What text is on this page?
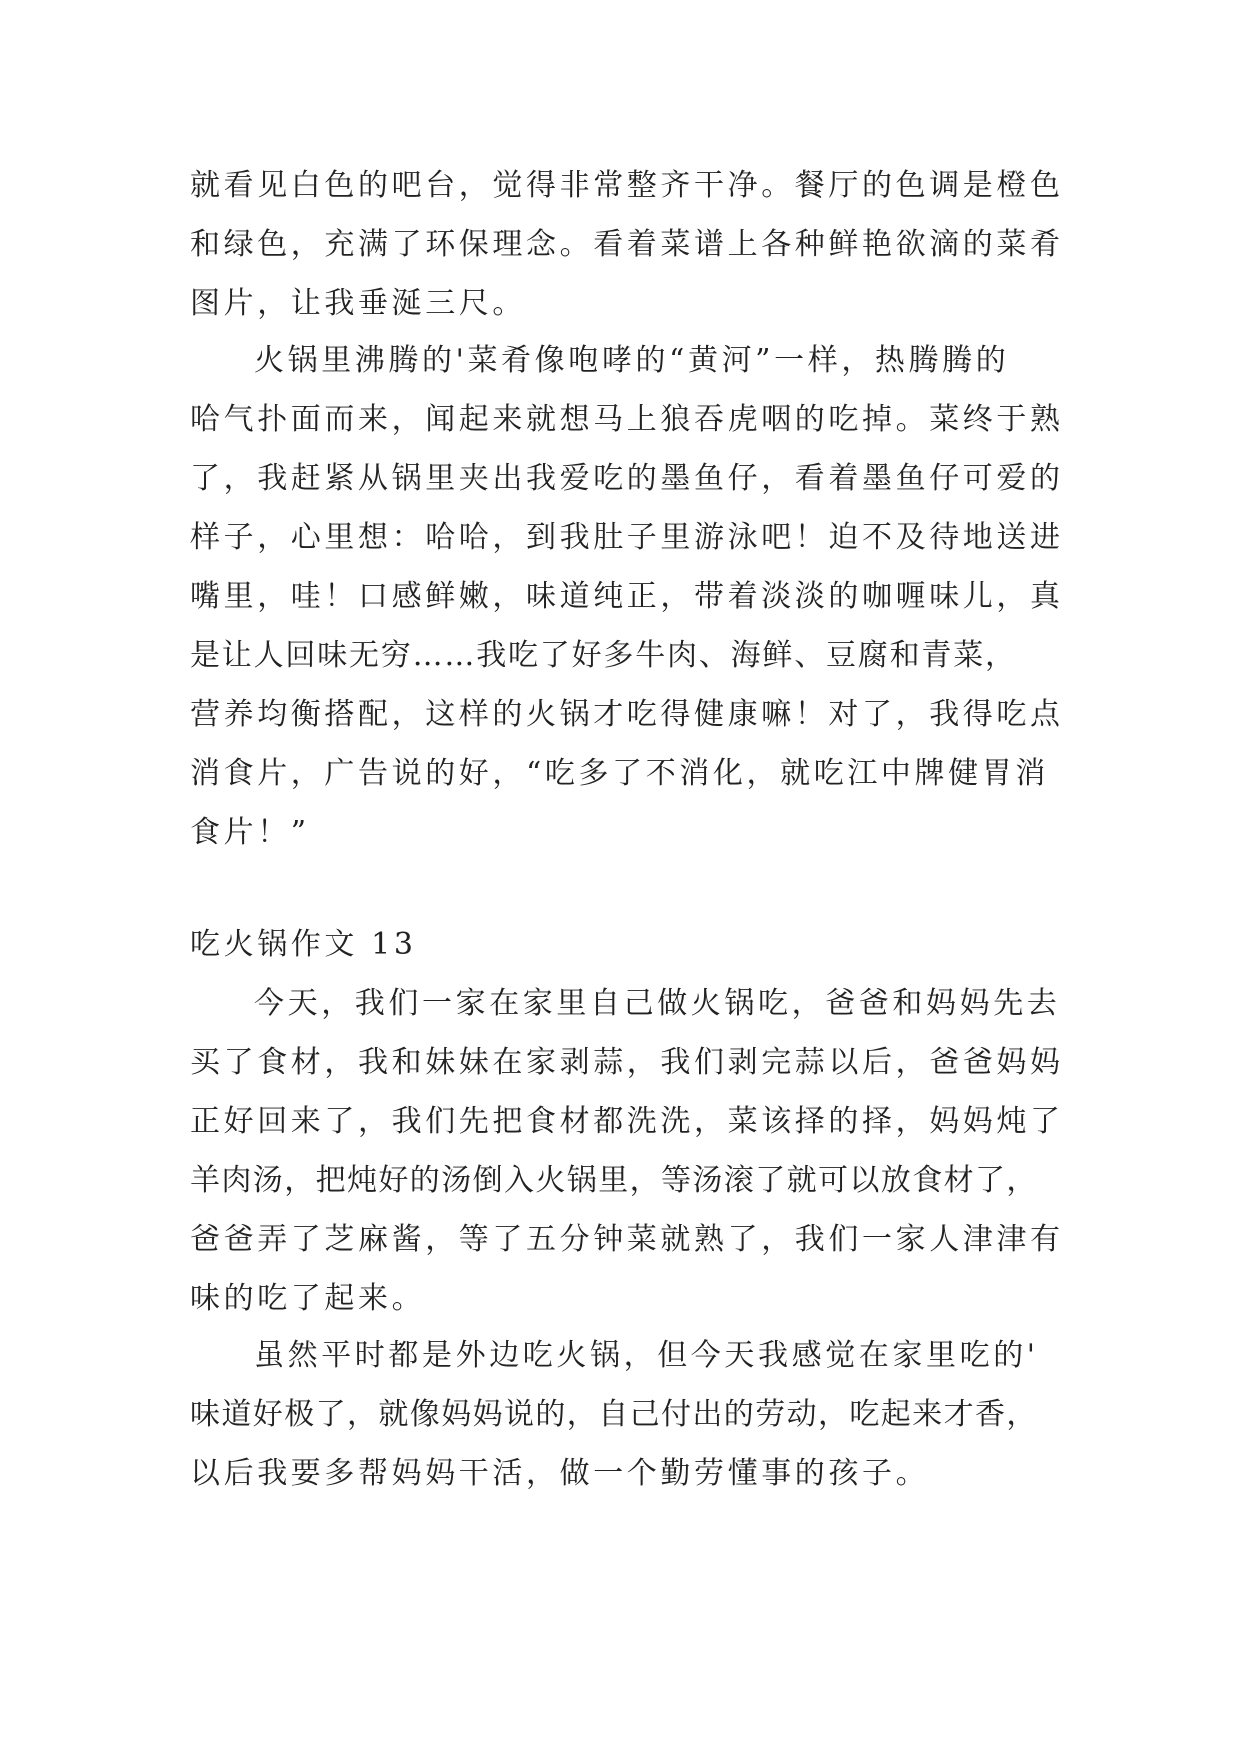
就看见白色的吧台，觉得非常整齐干净。餐厅的色调是橙色
和绿色，充满了环保理念。看着菜谱上各种鲜艳欲滴的菜肴
图片，让我垂涎三尺。
火锅里沸腾的'菜肴像咆哮的“黄河”一样，热腾腾的
哈气扑面而来，闻起来就想马上狼吞虎咽的吃掉。菜终于熟
了，我赶紧从锅里夹出我爱吃的墨鱼仔，看着墨鱼仔可爱的
样子，心里想：哈哈，到我肚子里游泳吧！迫不及待地送进
嘴里，哇！口感鲜嫩，味道纯正，带着淡淡的咖喱味儿，真
是让人回味无穷……我吃了好多牛肉、海鲜、豆腐和青菜，
营养均衡搭配，这样的火锅才吃得健康嘛！对了，我得吃点
消食片，广告说的好，“吃多了不消化，就吃江中牌健胃消
食片！”
吃火锅作文 13
今天，我们一家在家里自己做火锅吃，爸爸和妈妈先去
买了食材，我和妹妹在家剥蒜，我们剥完蒜以后，爸爸妈妈
正好回来了，我们先把食材都洗洗，菜该择的择，妈妈炖了
羊肉汤，把炖好的汤倒入火锅里，等汤滚了就可以放食材了，
爸爸弄了芝麻酱，等了五分钟菜就熟了，我们一家人津津有
味的吃了起来。
虽然平时都是外边吃火锅，但今天我感觉在家里吃的'
味道好极了，就像妈妈说的，自己付出的劳动，吃起来才香，
以后我要多帮妈妈干活，做一个勤劳懂事的孩子。
